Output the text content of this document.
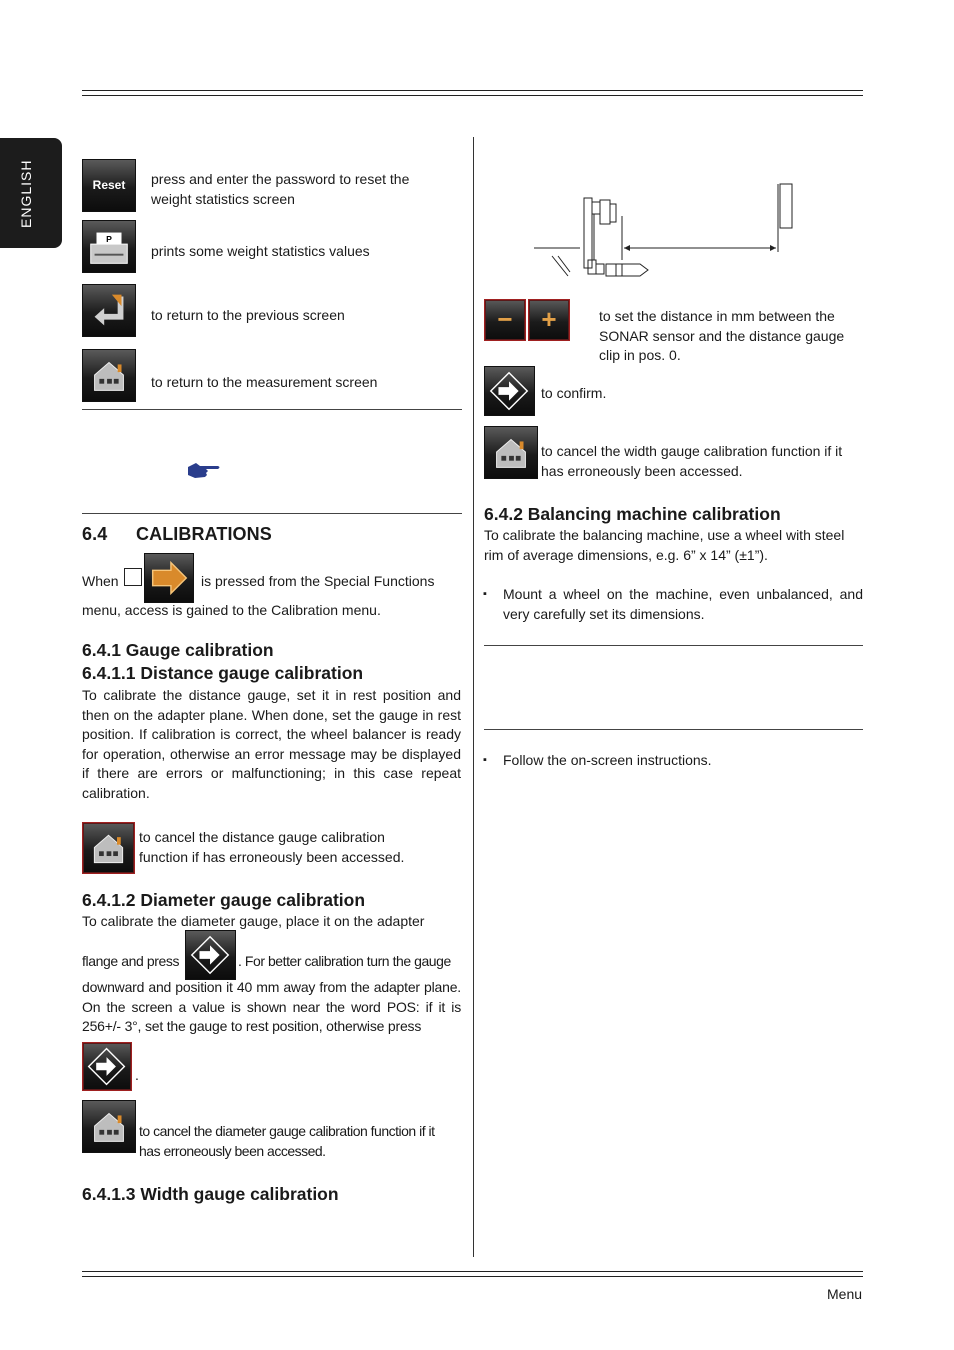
ENGLISH	Reset	press and enter the password to reset the weight statistics screen
P
prints some weight statistics values
to return to the previous screen
to return to the measurement screen
6.4 CALIBRATIONS
When	is pressed from the Special Functions
menu, access is gained to the Calibration menu.
6.4.1 Gauge calibration
6.4.1.1 Distance gauge calibration
To calibrate the distance gauge, set it in rest position and then on the adapter plane. When done, set the gauge in rest position. If calibration is correct, the wheel balancer is ready for operation, otherwise an error message may be displayed if there are errors or malfunctioning; in this case repeat calibration.
to cancel the distance gauge calibration function if has erroneously been accessed.
6.4.1.2 Diameter gauge calibration
To calibrate the diameter gauge, place it on the adapter
flange and press	. For better calibration turn the gauge
downward and position it 40 mm away from the adapter plane. On the screen a value is shown near the word POS: if it is 256+/- 3°, set the gauge to rest position, otherwise press
.
to cancel the diameter gauge calibration function if it has erroneously been accessed.
6.4.1.3 Width gauge calibration
−	+	to set the distance in mm between the SONAR sensor and the distance gauge clip in pos. 0.
to confirm.
to cancel the width gauge calibration function if it has erroneously been accessed.
6.4.2 Balancing machine calibration
To calibrate the balancing machine, use a wheel with steel rim of average dimensions, e.g. 6” x 14” (±1”).
▪ Mount a wheel on the machine, even unbalanced, and very carefully set its dimensions.
▪ Follow the on-screen instructions.
Menu
